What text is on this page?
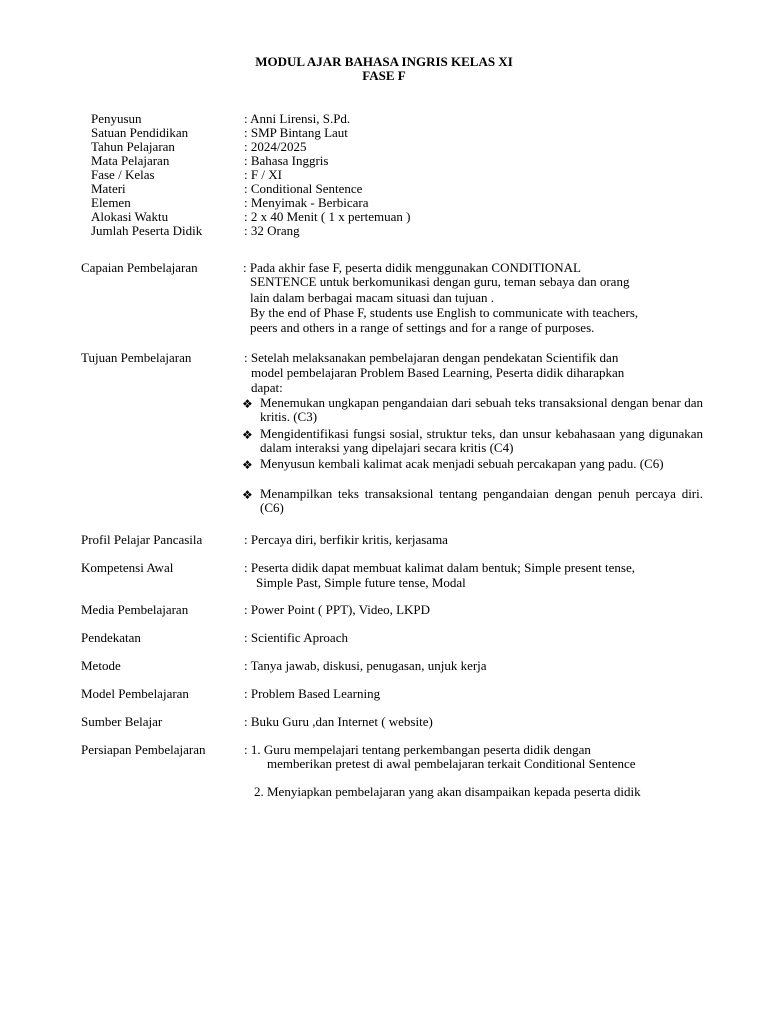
MODUL AJAR BAHASA INGRIS KELAS XI
FASE F
Penyusun	: Anni Lirensi, S.Pd.
Satuan Pendidikan	: SMP Bintang Laut
Tahun Pelajaran	: 2024/2025
Mata Pelajaran	: Bahasa Inggris
Fase / Kelas	: F / XI
Materi	: Conditional Sentence
Elemen	: Menyimak - Berbicara
Alokasi Waktu	: 2 x 40 Menit ( 1 x pertemuan )
Jumlah Peserta Didik	: 32 Orang
Capaian Pembelajaran	: Pada akhir fase F, peserta didik menggunakan CONDITIONAL
SENTENCE untuk berkomunikasi dengan guru, teman sebaya dan orang
lain dalam berbagai macam situasi dan tujuan .
By the end of Phase F, students use English to communicate with teachers,
peers and others in a range of settings and for a range of purposes.
Tujuan Pembelajaran	: Setelah melaksanakan pembelajaran dengan pendekatan Scientifik dan
model pembelajaran Problem Based Learning, Peserta didik diharapkan
dapat:
❖ Menemukan ungkapan pengandaian dari sebuah teks transaksional dengan benar dan kritis. (C3)
❖ Mengidentifikasi fungsi sosial, struktur teks, dan unsur kebahasaan yang digunakan dalam interaksi yang dipelajari secara kritis (C4)
❖ Menyusun kembali kalimat acak menjadi sebuah percakapan yang padu. (C6)
❖ Menampilkan teks transaksional tentang pengandaian dengan penuh percaya diri. (C6)
Profil Pelajar Pancasila	: Percaya diri, berfikir kritis, kerjasama
Kompetensi Awal	: Peserta didik dapat membuat kalimat dalam bentuk; Simple present tense,
Simple Past, Simple future tense, Modal
Media Pembelajaran	: Power Point ( PPT), Video, LKPD
Pendekatan	: Scientific Aproach
Metode	: Tanya jawab, diskusi, penugasan, unjuk kerja
Model Pembelajaran	: Problem Based Learning
Sumber Belajar	: Buku Guru ,dan Internet ( website)
Persiapan Pembelajaran	: 1. Guru mempelajari tentang perkembangan peserta didik dengan
memberikan pretest di awal pembelajaran terkait Conditional Sentence
2. Menyiapkan pembelajaran yang akan disampaikan kepada peserta didik
